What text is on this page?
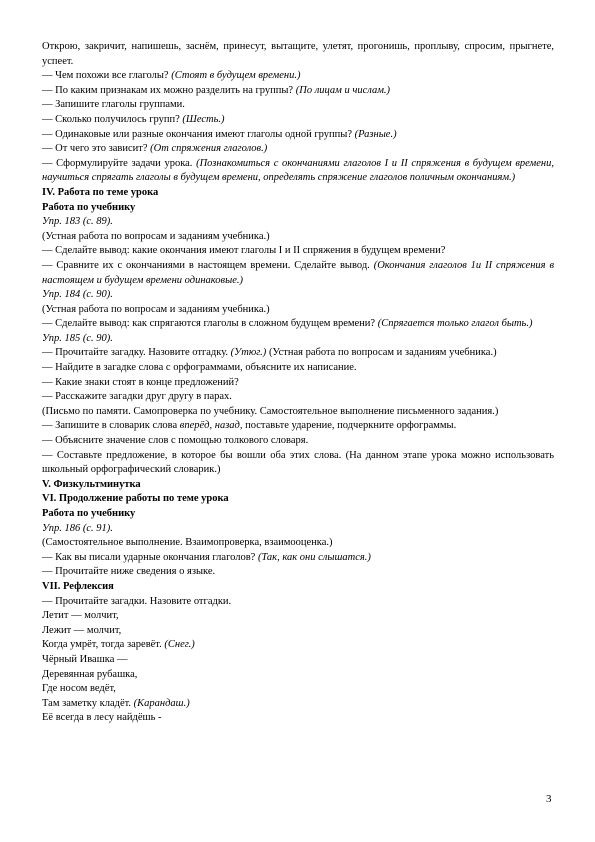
Открою, закричит, напишешь, заснём, принесут, вытащите, улетят, прогонишь, проплыву, спросим, прыгнете, успеет.

— Чем похожи все глаголы? (Стоят в будущем времени.)

— По каким признакам их можно разделить на группы? (По лицам и числам.)

— Запишите глаголы группами.

— Сколько получилось групп? (Шесть.)

— Одинаковые или разные окончания имеют глаголы одной группы? (Разные.)

— От чего это зависит? (От спряжения глаголов.)

— Сформулируйте задачи урока. (Познакомиться с окончаниями глаголов I и II спряжения в будущем времени, научиться спрягать глаголы в будущем времени, определять спряжение глаголов поличным окончаниям.)

IV. Работа по теме урока

Работа по учебнику

Упр. 183 (с. 89).

(Устная работа по вопросам и заданиям учебника.)

— Сделайте вывод: какие окончания имеют глаголы I и II спряжения в будущем времени?

— Сравните их с окончаниями в настоящем времени. Сделайте вывод. (Окончания глаголов 1и II спряжения в настоящем и будущем времени одинаковые.)

Упр. 184 (с. 90).

(Устная работа по вопросам и заданиям учебника.)

— Сделайте вывод: как спрягаются глаголы в сложном будущем времени? (Спрягается только глагол быть.)

Упр. 185 (с. 90).

— Прочитайте загадку. Назовите отгадку. (Утюг.) (Устная работа по вопросам и заданиям учебника.)

— Найдите в загадке слова с орфограммами, объясните их написание.

— Какие знаки стоят в конце предложений?

— Расскажите загадки друг другу в парах.

(Письмо по памяти. Самопроверка по учебнику. Самостоятельное выполнение письменного задания.)

— Запишите в словарик слова вперёд, назад, поставьте ударение, подчеркните орфограммы.

— Объясните значение слов с помощью толкового словаря.

— Составьте предложение, в которое бы вошли оба этих слова. (На данном этапе урока можно использовать школьный орфографический словарик.)

V. Физкультминутка

VI. Продолжение работы по теме урока

Работа по учебнику

Упр. 186 (с. 91).

(Самостоятельное выполнение. Взаимопроверка, взаимооценка.)

— Как вы писали ударные окончания глаголов? (Так, как они слышатся.)

— Прочитайте ниже сведения о языке.

VII. Рефлексия

— Прочитайте загадки. Назовите отгадки.

Летит — молчит,

Лежит — молчит,

Когда умрёт, тогда заревёт. (Снег.)

Чёрный Ивашка —

Деревянная рубашка,

Где носом ведёт,

Там заметку кладёт. (Карандаш.)

Её всегда в лесу найдёшь -

3
